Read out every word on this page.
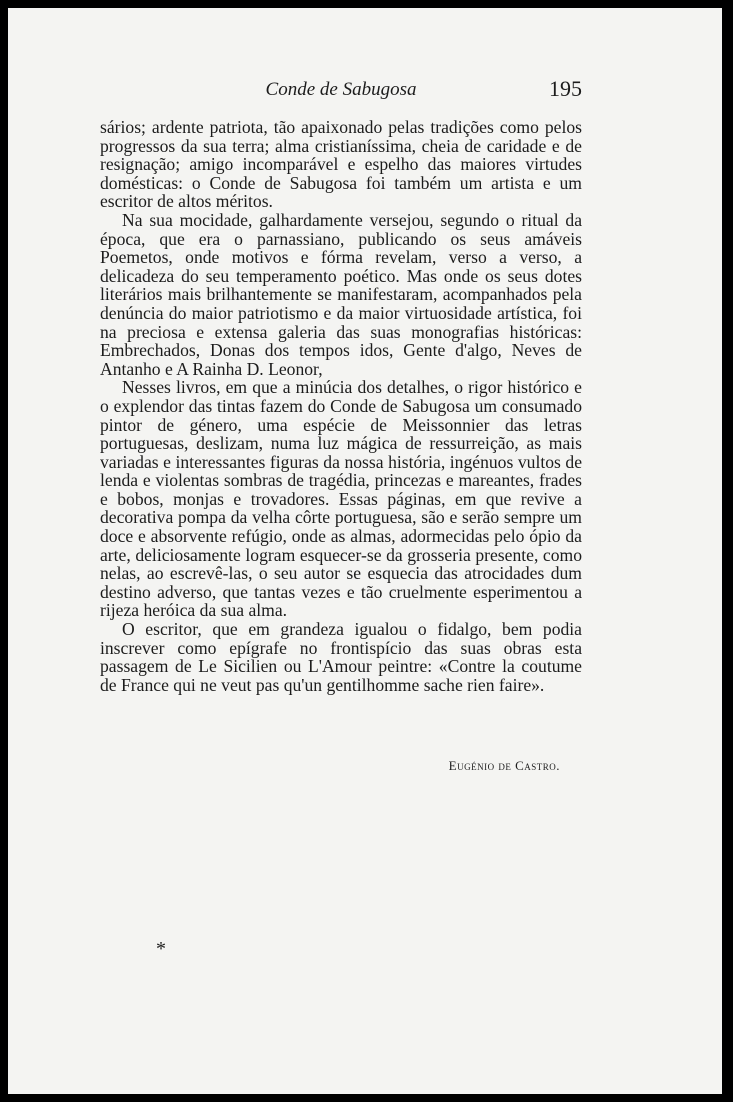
Conde de Sabugosa	195

sários; ardente patriota, tão apaixonado pelas tradições como pelos progressos da sua terra; alma cristianíssima, cheia de caridade e de resignação; amigo incomparável e espelho das maiores virtudes domésticas: o Conde de Sabugosa foi também um artista e um escritor de altos méritos.

Na sua mocidade, galhardamente versejou, segundo o ritual da época, que era o parnassiano, publicando os seus amáveis Poemetos, onde motivos e fórma revelam, verso a verso, a delicadeza do seu temperamento poético. Mas onde os seus dotes literários mais brilhantemente se manifestaram, acompanhados pela denúncia do maior patriotismo e da maior virtuosidade artística, foi na preciosa e extensa galeria das suas monografias históricas: Embrechados, Donas dos tempos idos, Gente d'algo, Neves de Antanho e A Rainha D. Leonor,

Nesses livros, em que a minúcia dos detalhes, o rigor histórico e o explendor das tintas fazem do Conde de Sabugosa um consumado pintor de género, uma espécie de Meissonnier das letras portuguesas, deslizam, numa luz mágica de ressurreição, as mais variadas e interessantes figuras da nossa história, ingénuos vultos de lenda e violentas sombras de tragédia, princezas e mareantes, frades e bobos, monjas e trovadores. Essas páginas, em que revive a decorativa pompa da velha côrte portuguesa, são e serão sempre um doce e absorvente refúgio, onde as almas, adormecidas pelo ópio da arte, deliciosamente logram esquecer-se da grosseria presente, como nelas, ao escrevê-las, o seu autor se esquecia das atrocidades dum destino adverso, que tantas vezes e tão cruelmente esperimentou a rijeza heróica da sua alma.

O escritor, que em grandeza igualou o fidalgo, bem podia inscrever como epígrafe no frontispício das suas obras esta passagem de Le Sicilien ou L'Amour peintre: «Contre la coutume de France qui ne veut pas qu'un gentilhomme sache rien faire».

Eugénio de Castro.
*
